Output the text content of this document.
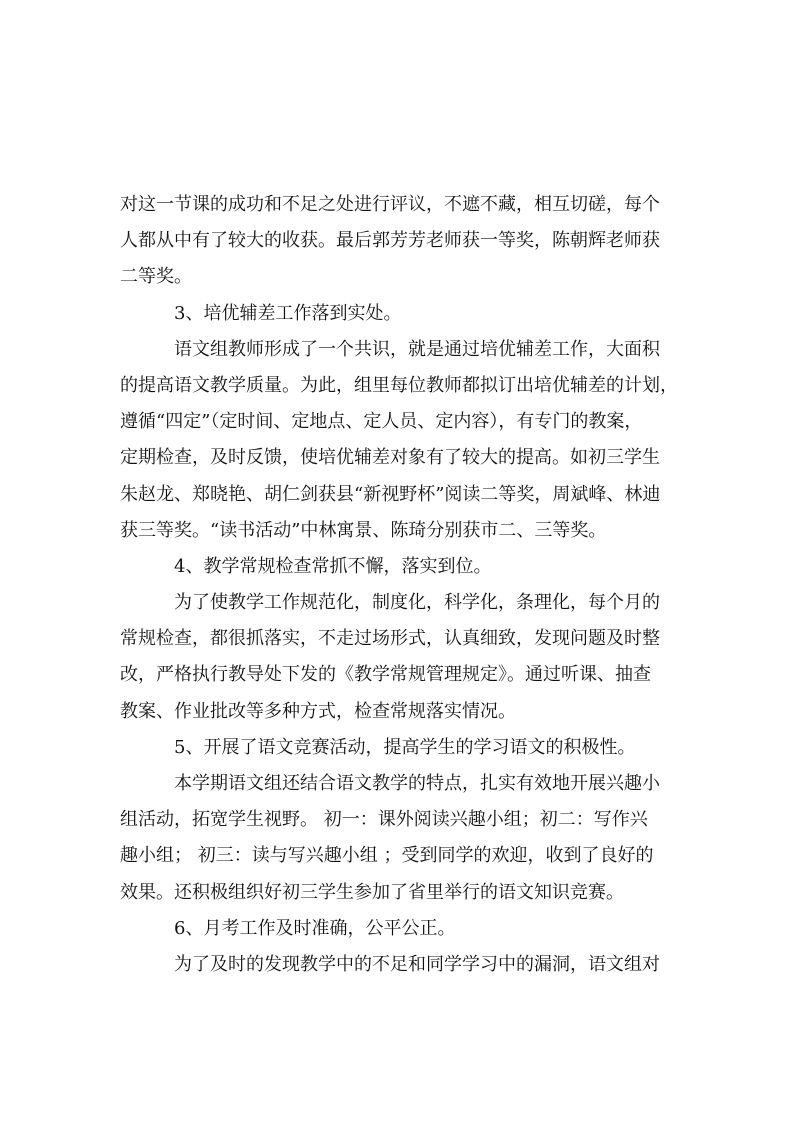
对这一节课的成功和不足之处进行评议，不遮不藏，相互切磋，每个
人都从中有了较大的收获。最后郭芳芳老师获一等奖，陈朝辉老师获
二等奖。
3、培优辅差工作落到实处。
语文组教师形成了一个共识，就是通过培优辅差工作，大面积
的提高语文教学质量。为此，组里每位教师都拟订出培优辅差的计划，
遵循“四定”（定时间、定地点、定人员、定内容），有专门的教案，
定期检查，及时反馈，使培优辅差对象有了较大的提高。如初三学生
朱赵龙、郑晓艳、胡仁剑获县“新视野杯”阅读二等奖，周斌峰、林迪
获三等奖。“读书活动”中林寓景、陈琦分别获市二、三等奖。
4、教学常规检查常抓不懈，落实到位。
为了使教学工作规范化，制度化，科学化，条理化，每个月的
常规检查，都很抓落实，不走过场形式，认真细致，发现问题及时整
改，严格执行教导处下发的《教学常规管理规定》。通过听课、抽查
教案、作业批改等多种方式，检查常规落实情况。
5、开展了语文竞赛活动，提高学生的学习语文的积极性。
本学期语文组还结合语文教学的特点，扎实有效地开展兴趣小
组活动，拓宽学生视野。 初一：课外阅读兴趣小组；初二：写作兴
趣小组； 初三：读与写兴趣小组 ；受到同学的欢迎，收到了良好的
效果。还积极组织好初三学生参加了省里举行的语文知识竞赛。
6、月考工作及时准确，公平公正。
为了及时的发现教学中的不足和同学学习中的漏洞，语文组对
